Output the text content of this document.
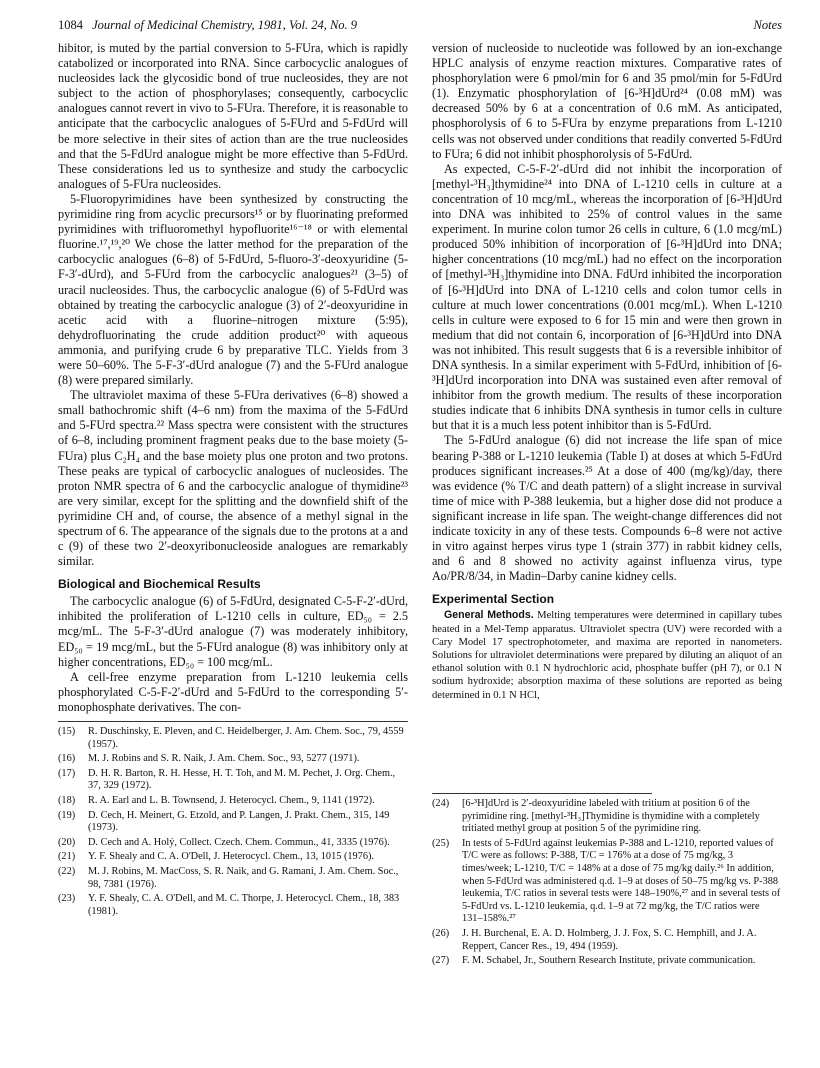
1084 Journal of Medicinal Chemistry, 1981, Vol. 24, No. 9	Notes

hibitor, is muted by the partial conversion to 5-FUra, which is rapidly catabolized or incorporated into RNA. Since carbocyclic analogues of nucleosides lack the glycosidic bond of true nucleosides, they are not subject to the action of phosphorylases; consequently, carbocyclic analogues cannot revert in vivo to 5-FUra. Therefore, it is reasonable to anticipate that the carbocyclic analogues of 5-FUrd and 5-FdUrd will be more selective in their sites of action than are the true nucleosides and that the 5-FdUrd analogue might be more effective than 5-FdUrd. These considerations led us to synthesize and study the carbocyclic analogues of 5-FUra nucleosides.

5-Fluoropyrimidines have been synthesized by constructing the pyrimidine ring from acyclic precursors¹⁵ or by fluorinating preformed pyrimidines with trifluoromethyl hypofluorite¹⁶⁻¹⁸ or with elemental fluorine.¹⁷,¹⁹,²⁰ We chose the latter method for the preparation of the carbocyclic analogues (6–8) of 5-FdUrd, 5-fluoro-3′-deoxyuridine (5-F-3′-dUrd), and 5-FUrd from the carbocyclic analogues²¹ (3–5) of uracil nucleosides. Thus, the carbocyclic analogue (6) of 5-FdUrd was obtained by treating the carbocyclic analogue (3) of 2′-deoxyuridine in acetic acid with a fluorine–nitrogen mixture (5:95), dehydrofluorinating the crude addition product²⁰ with aqueous ammonia, and purifying crude 6 by preparative TLC. Yields from 3 were 50–60%. The 5-F-3′-dUrd analogue (7) and the 5-FUrd analogue (8) were prepared similarly.

The ultraviolet maxima of these 5-FUra derivatives (6–8) showed a small bathochromic shift (4–6 nm) from the maxima of the 5-FdUrd and 5-FUrd spectra.²² Mass spectra were consistent with the structures of 6–8, including prominent fragment peaks due to the base moiety (5-FUra) plus C₂H₄ and the base moiety plus one proton and two protons. These peaks are typical of carbocyclic analogues of nucleosides. The proton NMR spectra of 6 and the carbocyclic analogue of thymidine²³ are very similar, except for the splitting and the downfield shift of the pyrimidine CH and, of course, the absence of a methyl signal in the spectrum of 6. The appearance of the signals due to the protons at a and c (9) of these two 2′-deoxyribonucleoside analogues are remarkably similar.

Biological and Biochemical Results

The carbocyclic analogue (6) of 5-FdUrd, designated C-5-F-2′-dUrd, inhibited the proliferation of L-1210 cells in culture, ED₅₀ = 2.5 mcg/mL. The 5-F-3′-dUrd analogue (7) was moderately inhibitory, ED₅₀ = 19 mcg/mL, but the 5-FUrd analogue (8) was inhibitory only at higher concentrations, ED₅₀ = 100 mcg/mL.

A cell-free enzyme preparation from L-1210 leukemia cells phosphorylated C-5-F-2′-dUrd and 5-FdUrd to the corresponding 5′-monophosphate derivatives. The con-

version of nucleoside to nucleotide was followed by an ion-exchange HPLC analysis of enzyme reaction mixtures. Comparative rates of phosphorylation were 6 pmol/min for 6 and 35 pmol/min for 5-FdUrd (1). Enzymatic phosphorylation of [6-³H]dUrd²⁴ (0.08 mM) was decreased 50% by 6 at a concentration of 0.6 mM. As anticipated, phosphorolysis of 6 to 5-FUra by enzyme preparations from L-1210 cells was not observed under conditions that readily converted 5-FdUrd to FUra; 6 did not inhibit phosphorolysis of 5-FdUrd.

As expected, C-5-F-2′-dUrd did not inhibit the incorporation of [methyl-³H₃]thymidine²⁴ into DNA of L-1210 cells in culture at a concentration of 10 mcg/mL, whereas the incorporation of [6-³H]dUrd into DNA was inhibited to 25% of control values in the same experiment. In murine colon tumor 26 cells in culture, 6 (1.0 mcg/mL) produced 50% inhibition of incorporation of [6-³H]dUrd into DNA; higher concentrations (10 mcg/mL) had no effect on the incorporation of [methyl-³H₃]thymidine into DNA. FdUrd inhibited the incorporation of [6-³H]dUrd into DNA of L-1210 cells and colon tumor cells in culture at much lower concentrations (0.001 mcg/mL). When L-1210 cells in culture were exposed to 6 for 15 min and were then grown in medium that did not contain 6, incorporation of [6-³H]dUrd into DNA was not inhibited. This result suggests that 6 is a reversible inhibitor of DNA synthesis. In a similar experiment with 5-FdUrd, inhibition of [6-³H]dUrd incorporation into DNA was sustained even after removal of inhibitor from the growth medium. The results of these incorporation studies indicate that 6 inhibits DNA synthesis in tumor cells in culture but that it is a much less potent inhibitor than is 5-FdUrd.

The 5-FdUrd analogue (6) did not increase the life span of mice bearing P-388 or L-1210 leukemia (Table I) at doses at which 5-FdUrd produces significant increases.²⁵ At a dose of 400 (mg/kg)/day, there was evidence (% T/C and death pattern) of a slight increase in survival time of mice with P-388 leukemia, but a higher dose did not produce a significant increase in life span. The weight-change differences did not indicate toxicity in any of these tests. Compounds 6–8 were not active in vitro against herpes virus type 1 (strain 377) in rabbit kidney cells, and 6 and 8 showed no activity against influenza virus, type Ao/PR/8/34, in Madin–Darby canine kidney cells.

Experimental Section

General Methods. Melting temperatures were determined in capillary tubes heated in a Mel-Temp apparatus. Ultraviolet spectra (UV) were recorded with a Cary Model 17 spectrophotometer, and maxima are reported in nanometers. Solutions for ultraviolet determinations were prepared by diluting an aliquot of an ethanol solution with 0.1 N hydrochloric acid, phosphate buffer (pH 7), or 0.1 N sodium hydroxide; absorption maxima of these solutions are reported as being determined in 0.1 N HCl,

(15)	R. Duschinsky, E. Pleven, and C. Heidelberger, J. Am. Chem. Soc., 79, 4559 (1957).
(16)	M. J. Robins and S. R. Naik, J. Am. Chem. Soc., 93, 5277 (1971).
(17)	D. H. R. Barton, R. H. Hesse, H. T. Toh, and M. M. Pechet, J. Org. Chem., 37, 329 (1972).
(18)	R. A. Earl and L. B. Townsend, J. Heterocycl. Chem., 9, 1141 (1972).
(19)	D. Cech, H. Meinert, G. Etzold, and P. Langen, J. Prakt. Chem., 315, 149 (1973).
(20)	D. Cech and A. Holý, Collect. Czech. Chem. Commun., 41, 3335 (1976).
(21)	Y. F. Shealy and C. A. O'Dell, J. Heterocycl. Chem., 13, 1015 (1976).
(22)	M. J. Robins, M. MacCoss, S. R. Naik, and G. Ramani, J. Am. Chem. Soc., 98, 7381 (1976).
(23)	Y. F. Shealy, C. A. O'Dell, and M. C. Thorpe, J. Heterocycl. Chem., 18, 383 (1981).
(24)	[6-³H]dUrd is 2′-deoxyuridine labeled with tritium at position 6 of the pyrimidine ring. [methyl-³H₃]Thymidine is thymidine with a completely tritiated methyl group at position 5 of the pyrimidine ring.
(25)	In tests of 5-FdUrd against leukemias P-388 and L-1210, reported values of T/C were as follows: P-388, T/C = 176% at a dose of 75 mg/kg, 3 times/week; L-1210, T/C = 148% at a dose of 75 mg/kg daily.²⁶ In addition, when 5-FdUrd was administered q.d. 1–9 at doses of 50–75 mg/kg vs. P-388 leukemia, T/C ratios in several tests were 148–190%,²⁷ and in several tests of 5-FdUrd vs. L-1210 leukemia, q.d. 1–9 at 72 mg/kg, the T/C ratios were 131–158%.²⁷
(26)	J. H. Burchenal, E. A. D. Holmberg, J. J. Fox, S. C. Hemphill, and J. A. Reppert, Cancer Res., 19, 494 (1959).
(27)	F. M. Schabel, Jr., Southern Research Institute, private communication.
